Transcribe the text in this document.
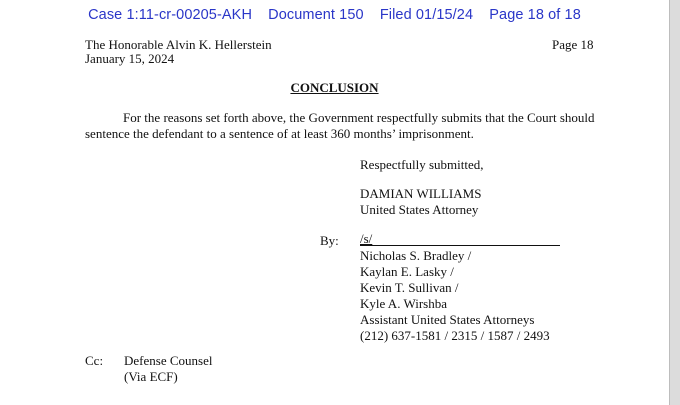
Case 1:11-cr-00205-AKH Document 150 Filed 01/15/24 Page 18 of 18
The Honorable Alvin K. Hellerstein
January 15, 2024
Page 18
CONCLUSION
For the reasons set forth above, the Government respectfully submits that the Court should
sentence the defendant to a sentence of at least 360 months’ imprisonment.
Respectfully submitted,
DAMIAN WILLIAMS
United States Attorney
By: /s/
Nicholas S. Bradley /
Kaylan E. Lasky /
Kevin T. Sullivan /
Kyle A. Wirshba
Assistant United States Attorneys
(212) 637-1581 / 2315 / 1587 / 2493
Cc: Defense Counsel
(Via ECF)
